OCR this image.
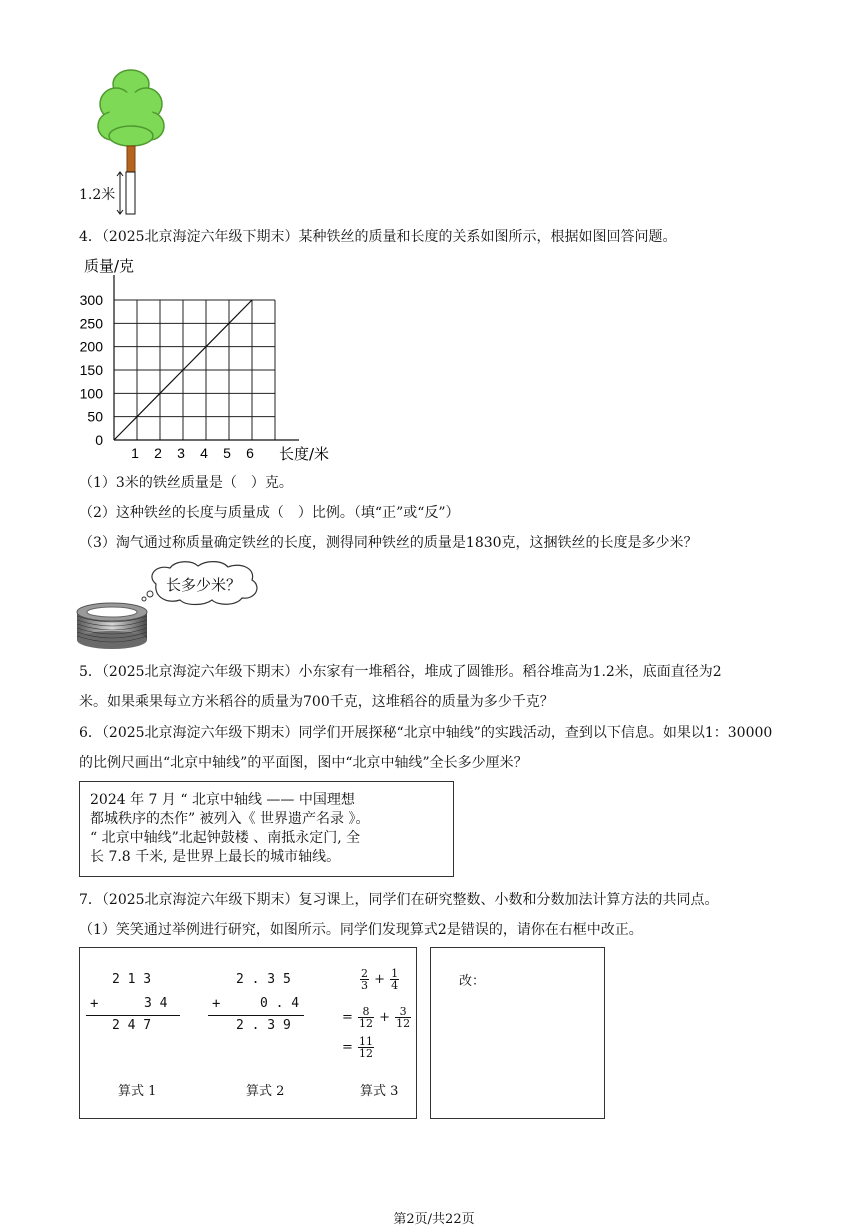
1.2米
4．（2025北京海淀六年级下期末）某种铁丝的质量和长度的关系如图所示，根据如图回答问题。
0
50
100
150
200
250
300
1 2 3 4 5 6
质量/克
长度/米
（1）3米的铁丝质量是（　）克。
（2）这种铁丝的长度与质量成（　）比例。（填“正”或“反”）
（3）淘气通过称质量确定铁丝的长度，测得同种铁丝的质量是1830克，这捆铁丝的长度是多少米？
长多少米？
5．（2025北京海淀六年级下期末）小东家有一堆稻谷，堆成了圆锥形。稻谷堆高为1.2米，底面直径为2
米。如果乘果每立方米稻谷的质量为700千克，这堆稻谷的质量为多少千克？
6．（2025北京海淀六年级下期末）同学们开展探秘“北京中轴线”的实践活动，查到以下信息。如果以1：30000
的比例尺画出“北京中轴线”的平面图，图中“北京中轴线”全长多少厘米？
2024 年 7 月 “ 北京中轴线 —— 中国理想
都城秩序的杰作” 被列入《 世界遗产名录 》。
“ 北京中轴线”北起钟鼓楼 、南抵永定门, 全
长 7.8 千米, 是世界上最长的城市轴线。
7．（2025北京海淀六年级下期末）复习课上，同学们在研究整数、小数和分数加法计算方法的共同点。
（1）笑笑通过举例进行研究，如图所示。同学们发现算式2是错误的，请你在右框中改正。
2 1 3
+	3 4
2 4 7
算式 1
2 . 3 5
+	0 . 4
2 . 3 9
算式 2
$\frac{2}{3} + \frac{1}{4}$
= $\frac{8}{12} + \frac{3}{12}$
= $\frac{11}{12}$
算式 3
改：
第2页/共22页
